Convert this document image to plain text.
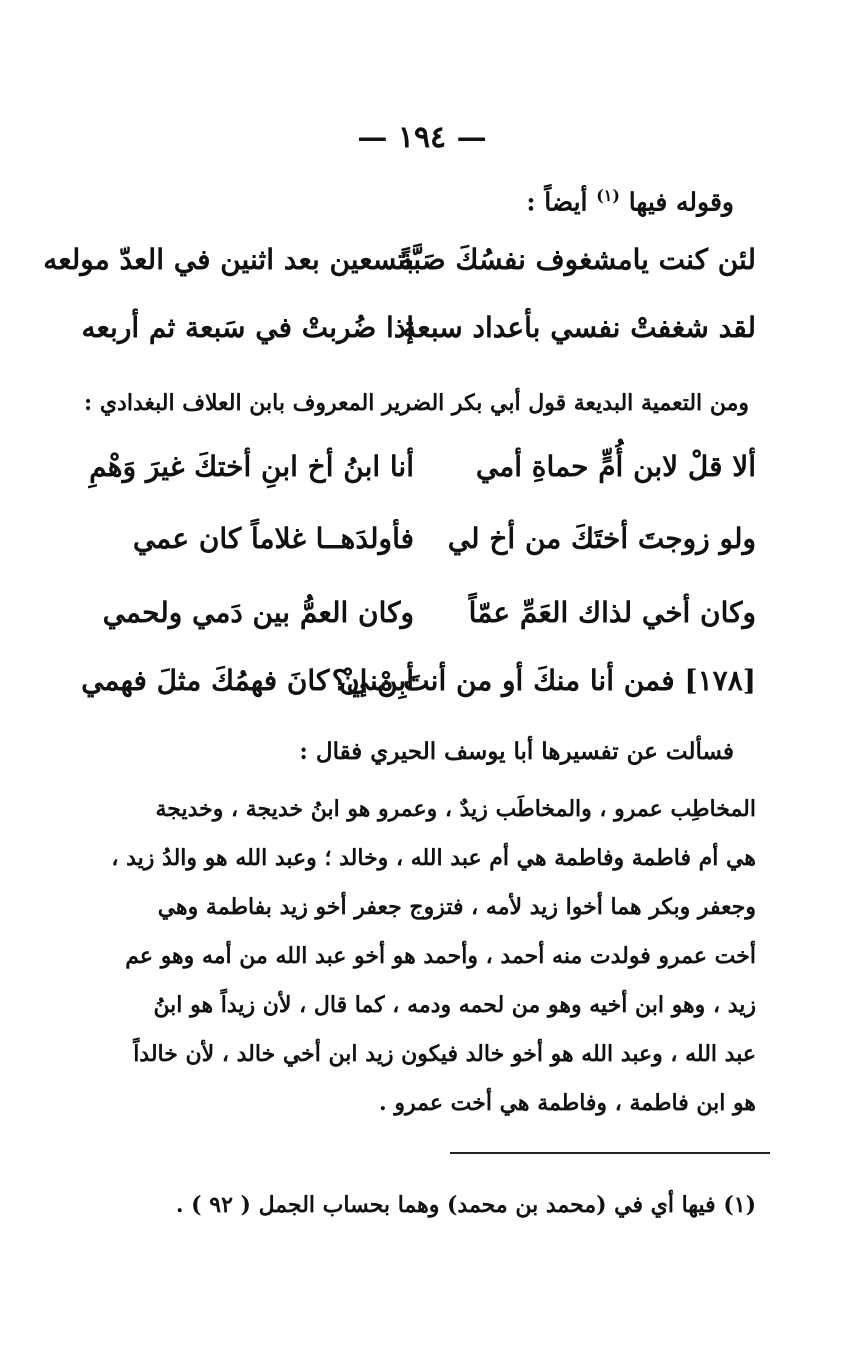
— ١٩٤ —
وقوله فيها $^{(١)}$ أيضاً :
لئن كنت يامشغوف نفسُكَ صَبَّةً
بتسعين بعد اثنين في العدّ مولعه
لقد شغفتْ نفسي بأعداد سبعة
إذا ضُربتْ في سَبعة ثم أربعه
ومن التعمية البديعة قول أبي بكر الضرير المعروف بابن العلاف البغدادي :
ألا قلْ لابن أُمٍّ حماةِ أمي
أنا ابنُ أخ ابنِ أختكَ غيرَ وَهْمِ
ولو زوجتَ أختَكَ من أخ لي
فأولدَهــا غلاماً كان عمي
وكان أخي لذاك العَمِّ عمّاً
وكان العمُّ بين دَمي ولحمي
[١٧٨] فمن أنا منكَ أو من أنتَ مني؟
أبِنْ إنْ كانَ فهمُكَ مثلَ فهمي
فسألت عن تفسيرها أبا يوسف الحيري فقال :
المخاطِب عمرو ، والمخاطَب زيدٌ ، وعمرو هو ابنُ خديجة ، وخديجة
هي أم فاطمة وفاطمة هي أم عبد الله ، وخالد ؛ وعبد الله هو والدُ زيد ،
وجعفر وبكر هما أخوا زيد لأمه ، فتزوج جعفر أخو زيد بفاطمة وهي
أخت عمرو فولدت منه أحمد ، وأحمد هو أخو عبد الله من أمه وهو عم
زيد ، وهو ابن أخيه وهو من لحمه ودمه ، كما قال ، لأن زيداً هو ابنُ
عبد الله ، وعبد الله هو أخو خالد فيكون زيد ابن أخي خالد ، لأن خالداً
هو ابن فاطمة ، وفاطمة هي أخت عمرو .
(١) فيها أي في (محمد بن محمد) وهما بحساب الجمل ( ٩٢ ) .
